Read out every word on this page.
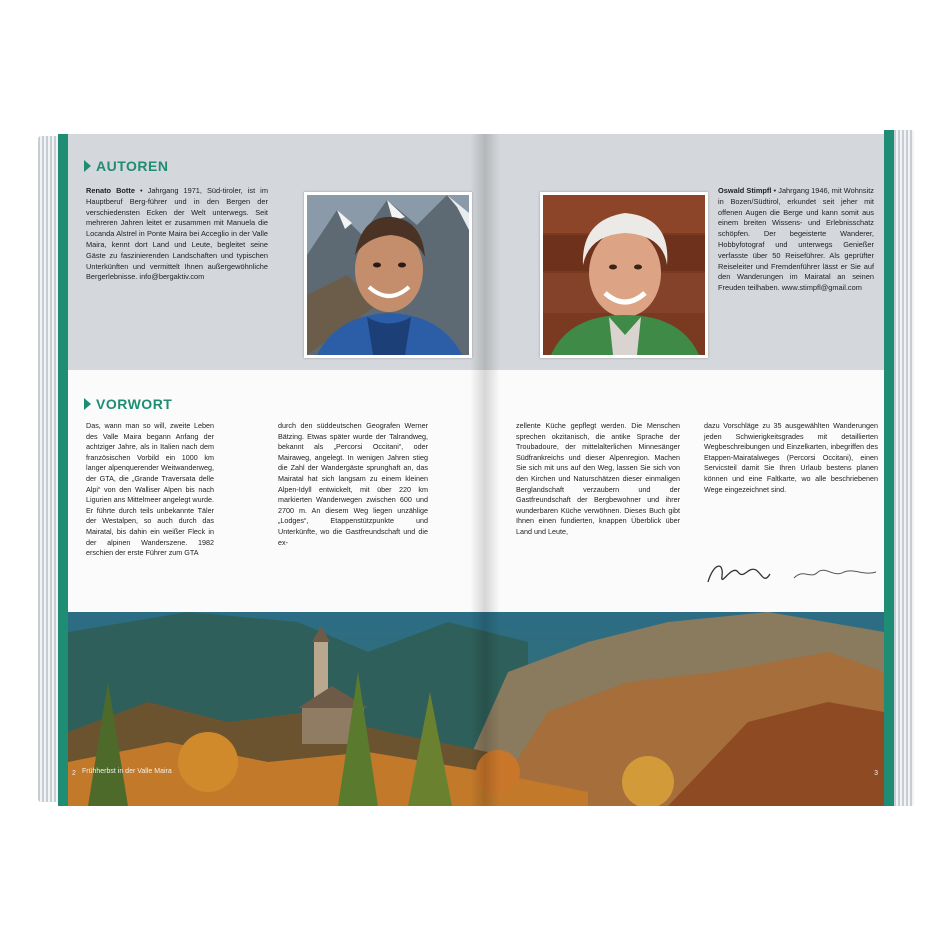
AUTOREN
Renato Botte • Jahrgang 1971, Süd-tiroler, ist im Hauptberuf Berg-führer und in den Bergen der verschiedensten Ecken der Welt unterwegs. Seit mehreren Jahren leitet er zusammen mit Manuela die Locanda Alstrel in Ponte Maira bei Acceglio in der Valle Maira, kennt dort Land und Leute, begleitet seine Gäste zu faszinierenden Landschaften und typischen Unterkünften und vermittelt Ihnen außergewöhnliche Bergerlebnisse. info@bergaktiv.com
Oswald Stimpfl • Jahrgang 1946, mit Wohnsitz in Bozen/Südtirol, erkundet seit jeher mit offenen Augen die Berge und kann somit aus einem breiten Wissens- und Erlebnisschatz schöpfen. Der begeisterte Wanderer, Hobbyfotograf und unterwegs Genießer verfasste über 50 Reiseführer. Als geprüfter Reiseleiter und Fremdenführer lässt er Sie auf den Wanderungen im Mairatal an seinen Freuden teilhaben. www.stimpfl@gmail.com
VORWORT
Das, wann man so will, zweite Leben des Valle Maira begann Anfang der achtziger Jahre, als in Italien nach dem französischen Vorbild ein 1000 km langer alpenquerender Weitwanderweg, der GTA, die „Grande Traversata delle Alpi“ von den Walliser Alpen bis nach Ligurien ans Mittelmeer angelegt wurde. Er führte durch teils unbekannte Täler der Westalpen, so auch durch das Mairatal, bis dahin ein weißer Fleck in der alpinen Wanderszene. 1982 erschien der erste Führer zum GTA
durch den süddeutschen Geografen Werner Bätzing. Etwas später wurde der Talrandweg, bekannt als „Percorsi Occitani“, oder Mairaweg, angelegt. In wenigen Jahren stieg die Zahl der Wandergäste sprunghaft an, das Mairatal hat sich langsam zu einem kleinen Alpen-Idyll entwickelt, mit über 220 km markierten Wanderwegen zwischen 600 und 2700 m. An diesem Weg liegen unzählige „Lodges“, Etappenstützpunkte und Unterkünfte, wo die Gastfreundschaft und die ex-
zellente Küche gepflegt werden. Die Menschen sprechen okzitanisch, die antike Sprache der Troubadoure, der mittelalterlichen Minnesänger Südfrankreichs und dieser Alpenregion. Machen Sie sich mit uns auf den Weg, lassen Sie sich von den Kirchen und Naturschätzen dieser einmaligen Berglandschaft verzaubern und der Gastfreundschaft der Bergbewohner und ihrer wunderbaren Küche verwöhnen. Dieses Buch gibt Ihnen einen fundierten, knappen Überblick über Land und Leute,
dazu Vorschläge zu 35 ausgewählten Wanderungen jeden Schwierigkeitsgrades mit detaillierten Wegbeschreibungen und Einzelkarten, inbegriffen des Etappen-Mairatalweges (Percorsi Occitani), einen Servicsteil damit Sie Ihren Urlaub bestens planen können und eine Faltkarte, wo alle beschriebenen Wege eingezeichnet sind.
Frühherbst in der Valle Maira
2	3
